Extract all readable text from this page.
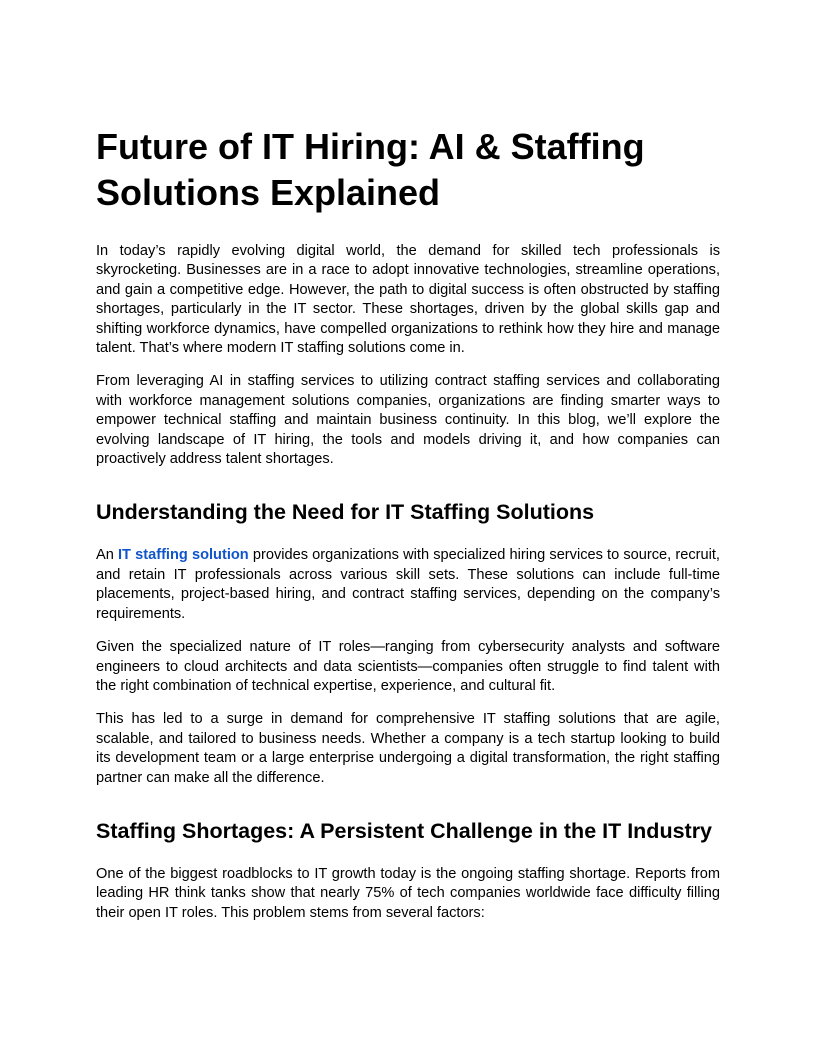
Future of IT Hiring: AI & Staffing Solutions Explained

In today’s rapidly evolving digital world, the demand for skilled tech professionals is skyrocketing. Businesses are in a race to adopt innovative technologies, streamline operations, and gain a competitive edge. However, the path to digital success is often obstructed by staffing shortages, particularly in the IT sector. These shortages, driven by the global skills gap and shifting workforce dynamics, have compelled organizations to rethink how they hire and manage talent. That’s where modern IT staffing solutions come in.

From leveraging AI in staffing services to utilizing contract staffing services and collaborating with workforce management solutions companies, organizations are finding smarter ways to empower technical staffing and maintain business continuity. In this blog, we’ll explore the evolving landscape of IT hiring, the tools and models driving it, and how companies can proactively address talent shortages.

Understanding the Need for IT Staffing Solutions

An IT staffing solution provides organizations with specialized hiring services to source, recruit, and retain IT professionals across various skill sets. These solutions can include full-time placements, project-based hiring, and contract staffing services, depending on the company’s requirements.

Given the specialized nature of IT roles—ranging from cybersecurity analysts and software engineers to cloud architects and data scientists—companies often struggle to find talent with the right combination of technical expertise, experience, and cultural fit.

This has led to a surge in demand for comprehensive IT staffing solutions that are agile, scalable, and tailored to business needs. Whether a company is a tech startup looking to build its development team or a large enterprise undergoing a digital transformation, the right staffing partner can make all the difference.

Staffing Shortages: A Persistent Challenge in the IT Industry

One of the biggest roadblocks to IT growth today is the ongoing staffing shortage. Reports from leading HR think tanks show that nearly 75% of tech companies worldwide face difficulty filling their open IT roles. This problem stems from several factors:
